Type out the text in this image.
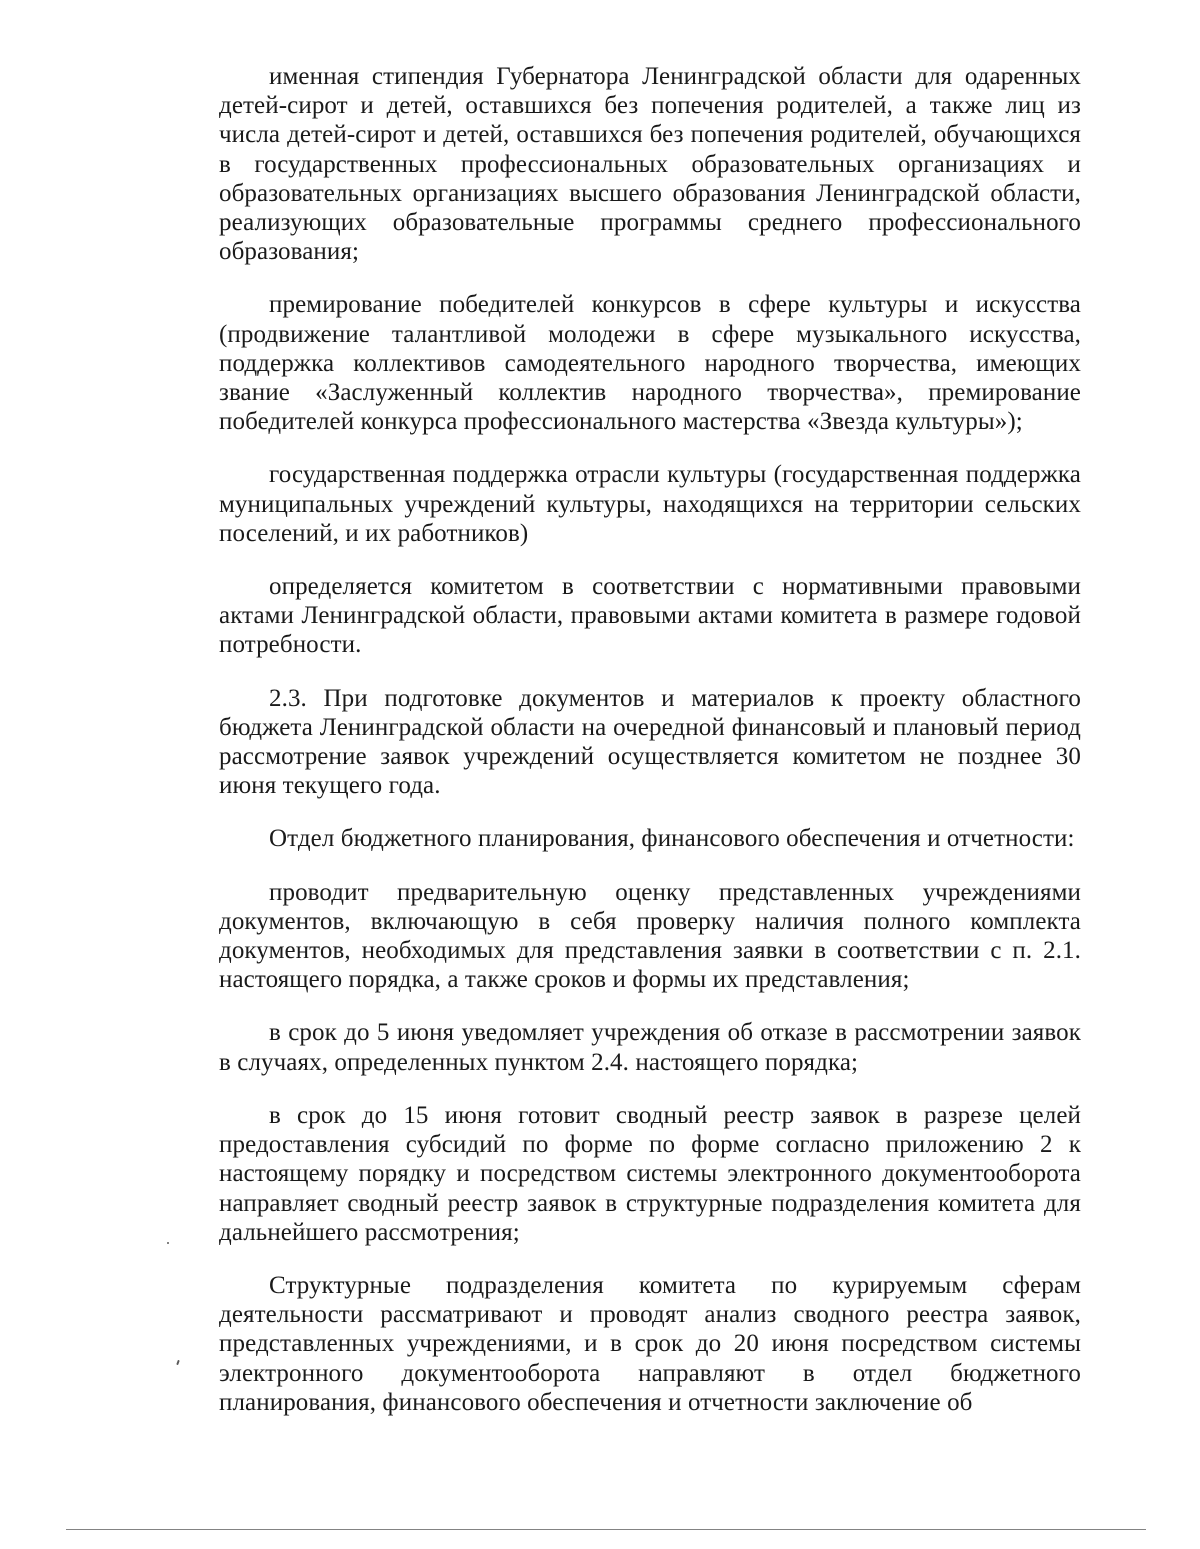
именная стипендия Губернатора Ленинградской области для одаренных детей-сирот и детей, оставшихся без попечения родителей, а также лиц из числа детей-сирот и детей, оставшихся без попечения родителей, обучающихся в государственных профессиональных образовательных организациях и образовательных организациях высшего образования Ленинградской области, реализующих образовательные программы среднего профессионального образования;

премирование победителей конкурсов в сфере культуры и искусства (продвижение талантливой молодежи в сфере музыкального искусства, поддержка коллективов самодеятельного народного творчества, имеющих звание «Заслуженный коллектив народного творчества», премирование победителей конкурса профессионального мастерства «Звезда культуры»);

государственная поддержка отрасли культуры (государственная поддержка муниципальных учреждений культуры, находящихся на территории сельских поселений, и их работников)

определяется комитетом в соответствии с нормативными правовыми актами Ленинградской области, правовыми актами комитета в размере годовой потребности.

2.3. При подготовке документов и материалов к проекту областного бюджета Ленинградской области на очередной финансовый и плановый период рассмотрение заявок учреждений осуществляется комитетом не позднее 30 июня текущего года.

Отдел бюджетного планирования, финансового обеспечения и отчетности:

проводит предварительную оценку представленных учреждениями документов, включающую в себя проверку наличия полного комплекта документов, необходимых для представления заявки в соответствии с п. 2.1. настоящего порядка, а также сроков и формы их представления;

в срок до 5 июня уведомляет учреждения об отказе в рассмотрении заявок в случаях, определенных пунктом 2.4. настоящего порядка;

в срок до 15 июня готовит сводный реестр заявок в разрезе целей предоставления субсидий по форме по форме согласно приложению 2 к настоящему порядку и посредством системы электронного документооборота направляет сводный реестр заявок в структурные подразделения комитета для дальнейшего рассмотрения;

Структурные подразделения комитета по курируемым сферам деятельности рассматривают и проводят анализ сводного реестра заявок, представленных учреждениями, и в срок до 20 июня посредством системы электронного документооборота направляют в отдел бюджетного планирования, финансового обеспечения и отчетности заключение об
